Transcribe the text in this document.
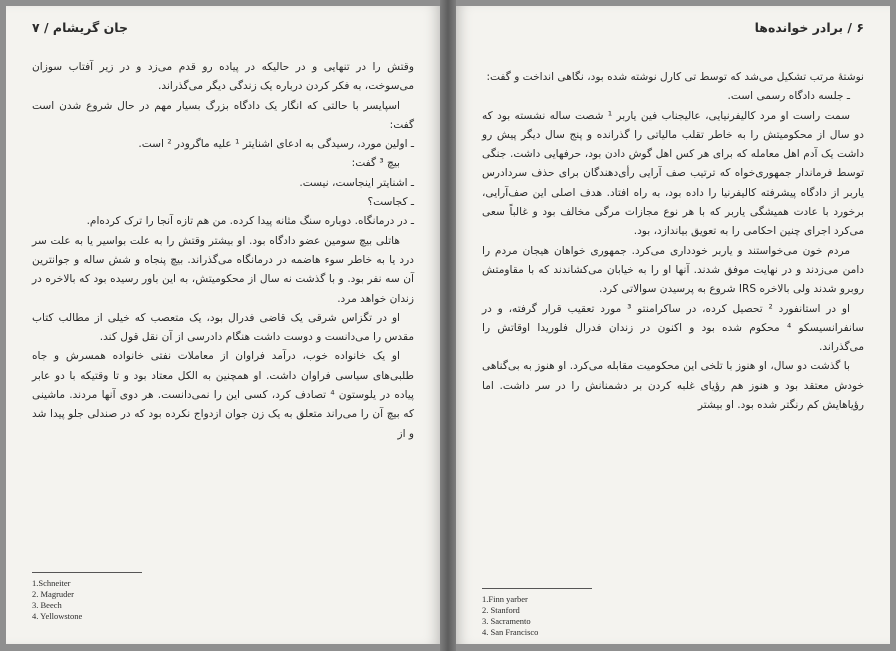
جان گریشام / ۷

وقتش را در تنهایی و در حالیکه در پیاده رو قدم می‌زد و در زیر آفتاب سوزان می‌سوخت، به فکر کردن درباره یک زندگی دیگر می‌گذراند.

اسپایسر با حالتی که انگار یک دادگاه بزرگ بسیار مهم در حال شروع شدن است گفت:

ـ اولین مورد، رسیدگی به ادعای اشنایتر ¹ علیه ماگرودر ² است.

بیچ ³ گفت:

ـ اشنایتر اینجاست، نیست.

ـ کجاست؟

ـ در درمانگاه. دوباره سنگ مثانه پیدا کرده. من هم تازه آنجا را ترک کرده‌ام.

هاتلی بیچ سومین عضو دادگاه بود. او بیشتر وقتش را به علت بواسیر یا به علت سر درد یا به خاطر سوء هاضمه در درمانگاه می‌گذراند. بیچ پنجاه و شش ساله و جوانترین آن سه نفر بود. و با گذشت نه سال از محکومیتش، به این باور رسیده بود که بالاخره در زندان خواهد مرد.

او در تگزاس شرقی یک قاضی فدرال بود، یک متعصب که خیلی از مطالب کتاب مقدس را می‌دانست و دوست داشت هنگام دادرسی از آن نقل قول کند.

او یک خانواده خوب، درآمد فراوان از معاملات نفتی خانواده همسرش و جاه طلبی‌های سیاسی فراوان داشت. او همچنین به الکل معتاد بود و تا وقتیکه با دو عابر پیاده در یلوستون ⁴ تصادف کرد، کسی این را نمی‌دانست. هر دوی آنها مردند. ماشینی که بیچ آن را می‌راند متعلق به یک زن جوان ازدواج نکرده بود که در صندلی جلو پیدا شد و از

1.Schneiter
2. Magruder
3. Beech
4. Yellowstone
۶ / برادر خوانده‌ها

نوشتهٔ مرتب تشکیل می‌شد که توسط تی کارل نوشته شده بود، نگاهی انداخت و گفت:

ـ جلسه دادگاه رسمی است.

سمت راست او مرد کالیفرنیایی، عالیجناب فین یاربر ¹ شصت ساله نشسته بود که دو سال از محکومیتش را به خاطر تقلب مالیاتی را گذرانده و پنج سال دیگر پیش رو داشت یک آدم اهل معامله که برای هر کس اهل گوش دادن بود، حرفهایی داشت. جنگی توسط فرماندار جمهوری‌خواه که ترتیب صف آرایی رأی‌دهندگان برای حذف سردادرس یاربر از دادگاه پیشرفته کالیفرنیا را داده بود، به راه افتاد. هدف اصلی این صف‌آرایی، برخورد با عادت همیشگی یاربر که با هر نوع مجازات مرگی مخالف بود و غالباً سعی می‌کرد اجرای چنین احکامی را به تعویق بیاندازد، بود.

مردم خون می‌خواستند و یاربر خودداری می‌کرد. جمهوری خواهان هیجان مردم را دامن می‌زدند و در نهایت موفق شدند. آنها او را به خیابان می‌کشاندند که با مقاومتش روبرو شدند ولی بالاخره IRS شروع به پرسیدن سوالاتی کرد.

او در استانفورد ² تحصیل کرده، در ساکرامنتو ³ مورد تعقیب قرار گرفته، و در سانفرانسیسکو ⁴ محکوم شده بود و اکنون در زندان فدرال فلوریدا اوقاتش را می‌گذراند.

با گذشت دو سال، او هنوز با تلخی این محکومیت مقابله می‌کرد. او هنوز به بی‌گناهی خودش معتقد بود و هنوز هم رؤیای غلبه کردن بر دشمنانش را در سر داشت. اما رؤیاهایش کم رنگتر شده بود. او بیشتر

1.Finn yarber
2. Stanford
3. Sacramento
4. San Francisco
